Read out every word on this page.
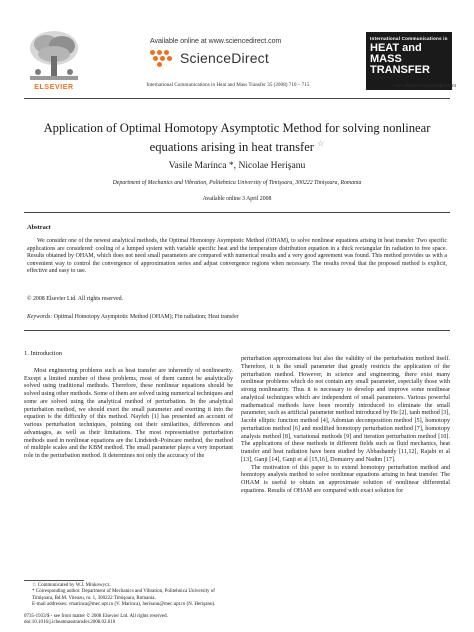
ELSEVIER
Available online at www.sciencedirect.com
ScienceDirect
International Communications in Heat and Mass Transfer 35 (2008) 710 – 715
International Communications in
HEAT and MASS TRANSFER
www.elsevier.com/locate/ichmt
Application of Optimal Homotopy Asymptotic Method for solving nonlinear equations arising in heat transfer ☆
Vasile Marinca *, Nicolae Herişanu
Department of Mechanics and Vibration, Politehnica University of Timişoara, 300222 Timişoara, Romania
Available online 3 April 2008
Abstract
We consider one of the newest analytical methods, the Optimal Homotopy Asymptotic Method (OHAM), to solve nonlinear equations arising in heat transfer. Two specific applications are considered: cooling of a lumped system with variable specific heat and the temperature distribution equation in a thick rectangular fin radiation to free space. Results obtained by OHAM, which does not need small parameters are compared with numerical results and a very good agreement was found. This method provides us with a convenient way to control the convergence of approximation series and adjust convergence regions when necessary. The results reveal that the proposed method is explicit, effective and easy to use.
© 2008 Elsevier Ltd. All rights reserved.
Keywords: Optimal Homotopy Asymptotic Method (OHAM); Fin radiation; Heat transfer
1. Introduction
Most engineering problems such as heat transfer are inherently of nonlinearity. Except a limited number of these problems, most of them cannot be analytically solved using traditional methods. Therefore, these nonlinear equations should be solved using other methods. Some of them are solved using numerical techniques and some are solved using the analytical method of perturbation. In the analytical perturbation method, we should exert the small parameter and exerting it into the equation is the difficulty of this method. Nayfeh [1] has presented an account of various perturbation techniques, pointing out their similarities, differences and advantages, as well as their limitations. The most representative perturbation methods used in nonlinear equations are the Lindstedt–Poincare method, the method of multiple scales and the KBM method. The small parameter plays a very important role in the perturbation method. It determines not only the accuracy of the
perturbation approximations but also the validity of the perturbation method itself. Therefore, it is the small parameter that greatly restricts the application of the perturbation method. However, in science and engineering, there exist many nonlinear problems which do not contain any small parameter, especially those with strong nonlinearity. Thus it is necessary to develop and improve some nonlinear analytical techniques which are independent of small parameters. Various powerful mathematical methods have been recently introduced to eliminate the small parameter, such as artificial parameter method introduced by He [2], tanh method [3], Jacobi elliptic function method [4], Adomian decomposition method [5], homotopy perturbation method [6] and modified homotopy perturbation method [7], homotopy analysis method [8], variational methods [9] and iteration perturbation method [10]. The applications of these methods in different fields such as fluid mechanics, heat transfer and heat radiation have been studied by Abbasbandy [11,12], Rajabi et al [13], Ganji [14], Ganji et al [15,16], Domairry and Nadim [17].
The motivation of this paper is to extend homotopy perturbation method and homotopy analysis method to solve nonlinear equations arising in heat transfer. The OHAM is useful to obtain an approximate solution of nonlinear differential equations. Results of OHAM are compared with exact solution for
☆ Communicated by W.J. Minkowycz.
* Corresponding author. Department of Mechanics and Vibration, Politehnica University of Timişoara, Bd.M. Viteazu, nr. 1, 300222 Timişoara, Romania.
E-mail addresses: vmarinca@mec.upt.ro (V. Marinca), herisanu@mec.upt.ro (N. Herişanu).
0735-1933/$ - see front matter © 2008 Elsevier Ltd. All rights reserved.
doi:10.1016/j.icheatmasstransfer.2008.02.010
